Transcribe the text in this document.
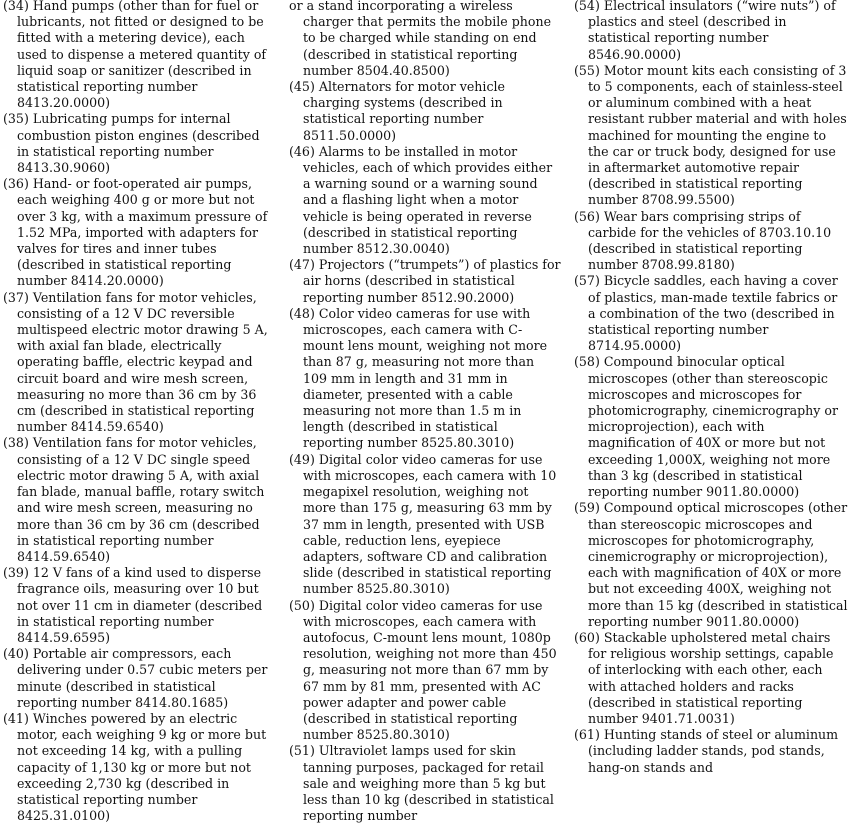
(34) Hand pumps (other than for fuel or lubricants, not fitted or designed to be fitted with a metering device), each used to dispense a metered quantity of liquid soap or sanitizer (described in statistical reporting number 8413.20.0000)

(35) Lubricating pumps for internal combustion piston engines (described in statistical reporting number 8413.30.9060)

(36) Hand- or foot-operated air pumps, each weighing 400 g or more but not over 3 kg, with a maximum pressure of 1.52 MPa, imported with adapters for valves for tires and inner tubes (described in statistical reporting number 8414.20.0000)

(37) Ventilation fans for motor vehicles, consisting of a 12 V DC reversible multispeed electric motor drawing 5 A, with axial fan blade, electrically operating baffle, electric keypad and circuit board and wire mesh screen, measuring no more than 36 cm by 36 cm (described in statistical reporting number 8414.59.6540)

(38) Ventilation fans for motor vehicles, consisting of a 12 V DC single speed electric motor drawing 5 A, with axial fan blade, manual baffle, rotary switch and wire mesh screen, measuring no more than 36 cm by 36 cm (described in statistical reporting number 8414.59.6540)

(39) 12 V fans of a kind used to disperse fragrance oils, measuring over 10 but not over 11 cm in diameter (described in statistical reporting number 8414.59.6595)

(40) Portable air compressors, each delivering under 0.57 cubic meters per minute (described in statistical reporting number 8414.80.1685)

(41) Winches powered by an electric motor, each weighing 9 kg or more but not exceeding 14 kg, with a pulling capacity of 1,130 kg or more but not exceeding 2,730 kg (described in statistical reporting number 8425.31.0100)

or a stand incorporating a wireless charger that permits the mobile phone to be charged while standing on end (described in statistical reporting number 8504.40.8500)

(45) Alternators for motor vehicle charging systems (described in statistical reporting number 8511.50.0000)

(46) Alarms to be installed in motor vehicles, each of which provides either a warning sound or a warning sound and a flashing light when a motor vehicle is being operated in reverse (described in statistical reporting number 8512.30.0040)

(47) Projectors (“trumpets”) of plastics for air horns (described in statistical reporting number 8512.90.2000)

(48) Color video cameras for use with microscopes, each camera with C-mount lens mount, weighing not more than 87 g, measuring not more than 109 mm in length and 31 mm in diameter, presented with a cable measuring not more than 1.5 m in length (described in statistical reporting number 8525.80.3010)

(49) Digital color video cameras for use with microscopes, each camera with 10 megapixel resolution, weighing not more than 175 g, measuring 63 mm by 37 mm in length, presented with USB cable, reduction lens, eyepiece adapters, software CD and calibration slide (described in statistical reporting number 8525.80.3010)

(50) Digital color video cameras for use with microscopes, each camera with autofocus, C-mount lens mount, 1080p resolution, weighing not more than 450 g, measuring not more than 67 mm by 67 mm by 81 mm, presented with AC power adapter and power cable (described in statistical reporting number 8525.80.3010)

(51) Ultraviolet lamps used for skin tanning purposes, packaged for retail sale and weighing more than 5 kg but less than 10 kg (described in statistical reporting number

(54) Electrical insulators (“wire nuts”) of plastics and steel (described in statistical reporting number 8546.90.0000)

(55) Motor mount kits each consisting of 3 to 5 components, each of stainless-steel or aluminum combined with a heat resistant rubber material and with holes machined for mounting the engine to the car or truck body, designed for use in aftermarket automotive repair (described in statistical reporting number 8708.99.5500)

(56) Wear bars comprising strips of carbide for the vehicles of 8703.10.10 (described in statistical reporting number 8708.99.8180)

(57) Bicycle saddles, each having a cover of plastics, man-made textile fabrics or a combination of the two (described in statistical reporting number 8714.95.0000)

(58) Compound binocular optical microscopes (other than stereoscopic microscopes and microscopes for photomicrography, cinemicrography or microprojection), each with magnification of 40X or more but not exceeding 1,000X, weighing not more than 3 kg (described in statistical reporting number 9011.80.0000)

(59) Compound optical microscopes (other than stereoscopic microscopes and microscopes for photomicrography, cinemicrography or microprojection), each with magnification of 40X or more but not exceeding 400X, weighing not more than 15 kg (described in statistical reporting number 9011.80.0000)

(60) Stackable upholstered metal chairs for religious worship settings, capable of interlocking with each other, each with attached holders and racks (described in statistical reporting number 9401.71.0031)

(61) Hunting stands of steel or aluminum (including ladder stands, pod stands, hang-on stands and
